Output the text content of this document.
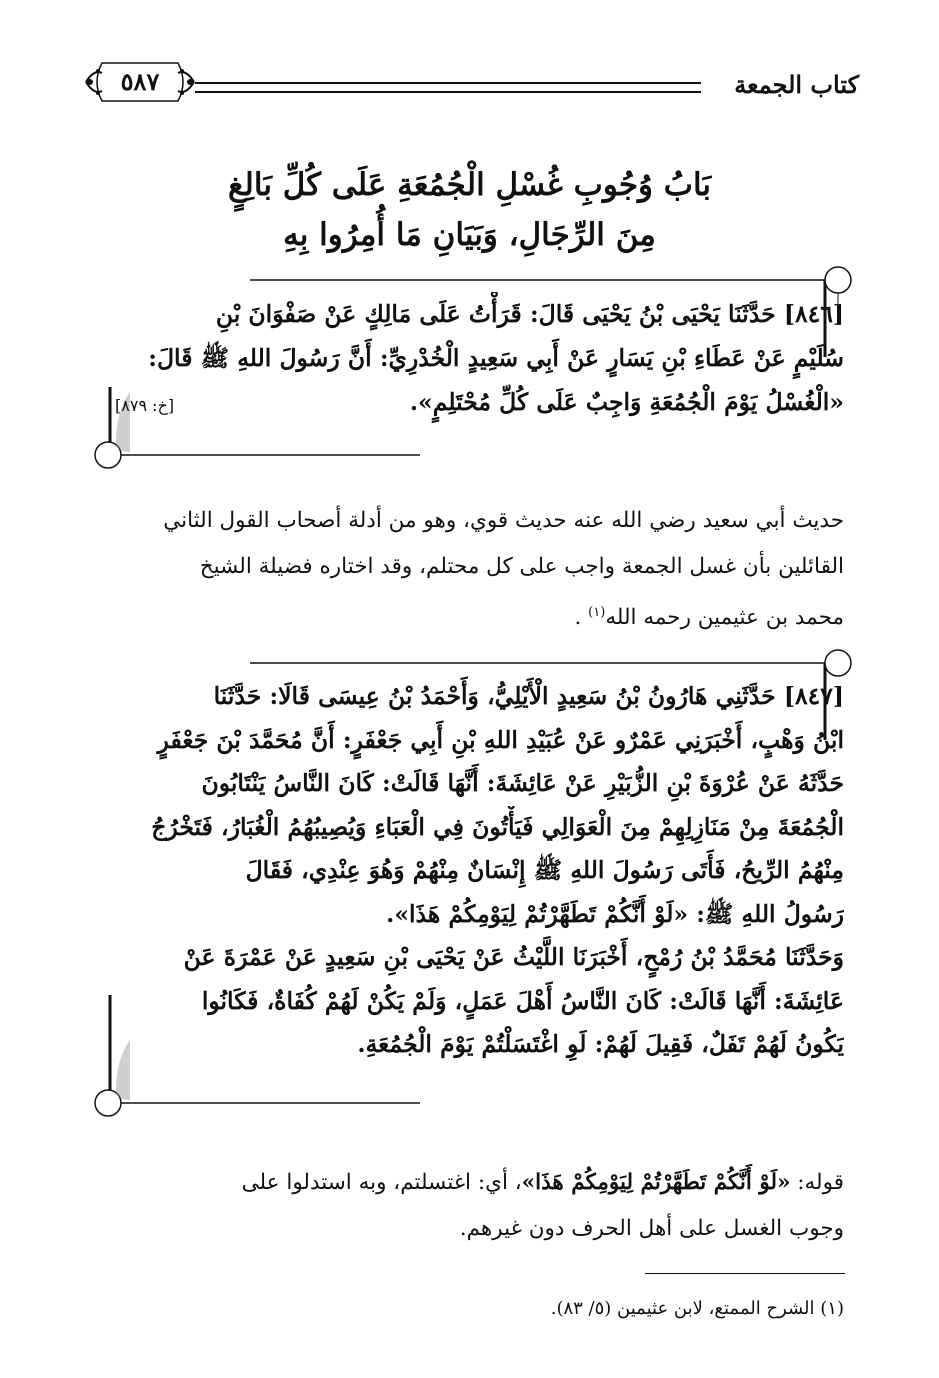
كتاب الجمعة
٥٨٧
بَابُ وُجُوبِ غُسْلِ الْجُمُعَةِ عَلَى كُلِّ بَالِغٍ
مِنَ الرِّجَالِ، وَبَيَانِ مَا أُمِرُوا بِهِ
[٨٤٦] حَدَّثَنَا يَحْيَى بْنُ يَحْيَى قَالَ: قَرَأْتُ عَلَى مَالِكٍ عَنْ صَفْوَانَ بْنِ
سُلَيْمٍ عَنْ عَطَاءِ بْنِ يَسَارٍ عَنْ أَبِي سَعِيدٍ الْخُدْرِيِّ: أَنَّ رَسُولَ اللهِ ﷺ قَالَ:
«الْغُسْلُ يَوْمَ الْجُمُعَةِ وَاجِبٌ عَلَى كُلِّ مُحْتَلِمٍ».
[خ: ٨٧٩]
حديث أبي سعيد رضي الله عنه حديث قوي، وهو من أدلة أصحاب القول الثاني
القائلين بأن غسل الجمعة واجب على كل محتلم، وقد اختاره فضيلة الشيخ
محمد بن عثيمين رحمه الله$^{(١)}$ .
[٨٤٧] حَدَّثَنِي هَارُونُ بْنُ سَعِيدٍ الْأَيْلِيُّ، وَأَحْمَدُ بْنُ عِيسَى قَالَا: حَدَّثَنَا
ابْنُ وَهْبٍ، أَخْبَرَنِي عَمْرٌو عَنْ عُبَيْدِ اللهِ بْنِ أَبِي جَعْفَرٍ: أَنَّ مُحَمَّدَ بْنَ جَعْفَرٍ
حَدَّثَهُ عَنْ عُرْوَةَ بْنِ الزُّبَيْرِ عَنْ عَائِشَةَ: أَنَّهَا قَالَتْ: كَانَ النَّاسُ يَنْتَابُونَ
الْجُمُعَةَ مِنْ مَنَازِلِهِمْ مِنَ الْعَوَالِي فَيَأْتُونَ فِي الْعَبَاءِ وَيُصِيبُهُمُ الْغُبَارُ، فَتَخْرُجُ
مِنْهُمُ الرِّيحُ، فَأَتَى رَسُولَ اللهِ ﷺ إِنْسَانٌ مِنْهُمْ وَهُوَ عِنْدِي، فَقَالَ
رَسُولُ اللهِ ﷺ: «لَوْ أَنَّكُمْ تَطَهَّرْتُمْ لِيَوْمِكُمْ هَذَا».
وَحَدَّثَنَا مُحَمَّدُ بْنُ رُمْحٍ، أَخْبَرَنَا اللَّيْثُ عَنْ يَحْيَى بْنِ سَعِيدٍ عَنْ عَمْرَةَ عَنْ
عَائِشَةَ: أَنَّهَا قَالَتْ: كَانَ النَّاسُ أَهْلَ عَمَلٍ، وَلَمْ يَكُنْ لَهُمْ كُفَاةٌ، فَكَانُوا
يَكُونُ لَهُمْ تَفَلٌ، فَقِيلَ لَهُمْ: لَوِ اغْتَسَلْتُمْ يَوْمَ الْجُمُعَةِ.
قوله: «لَوْ أَنَّكُمْ تَطَهَّرْتُمْ لِيَوْمِكُمْ هَذَا»، أي: اغتسلتم، وبه استدلوا على
وجوب الغسل على أهل الحرف دون غيرهم.
(١) الشرح الممتع، لابن عثيمين (٥/ ٨٣).
